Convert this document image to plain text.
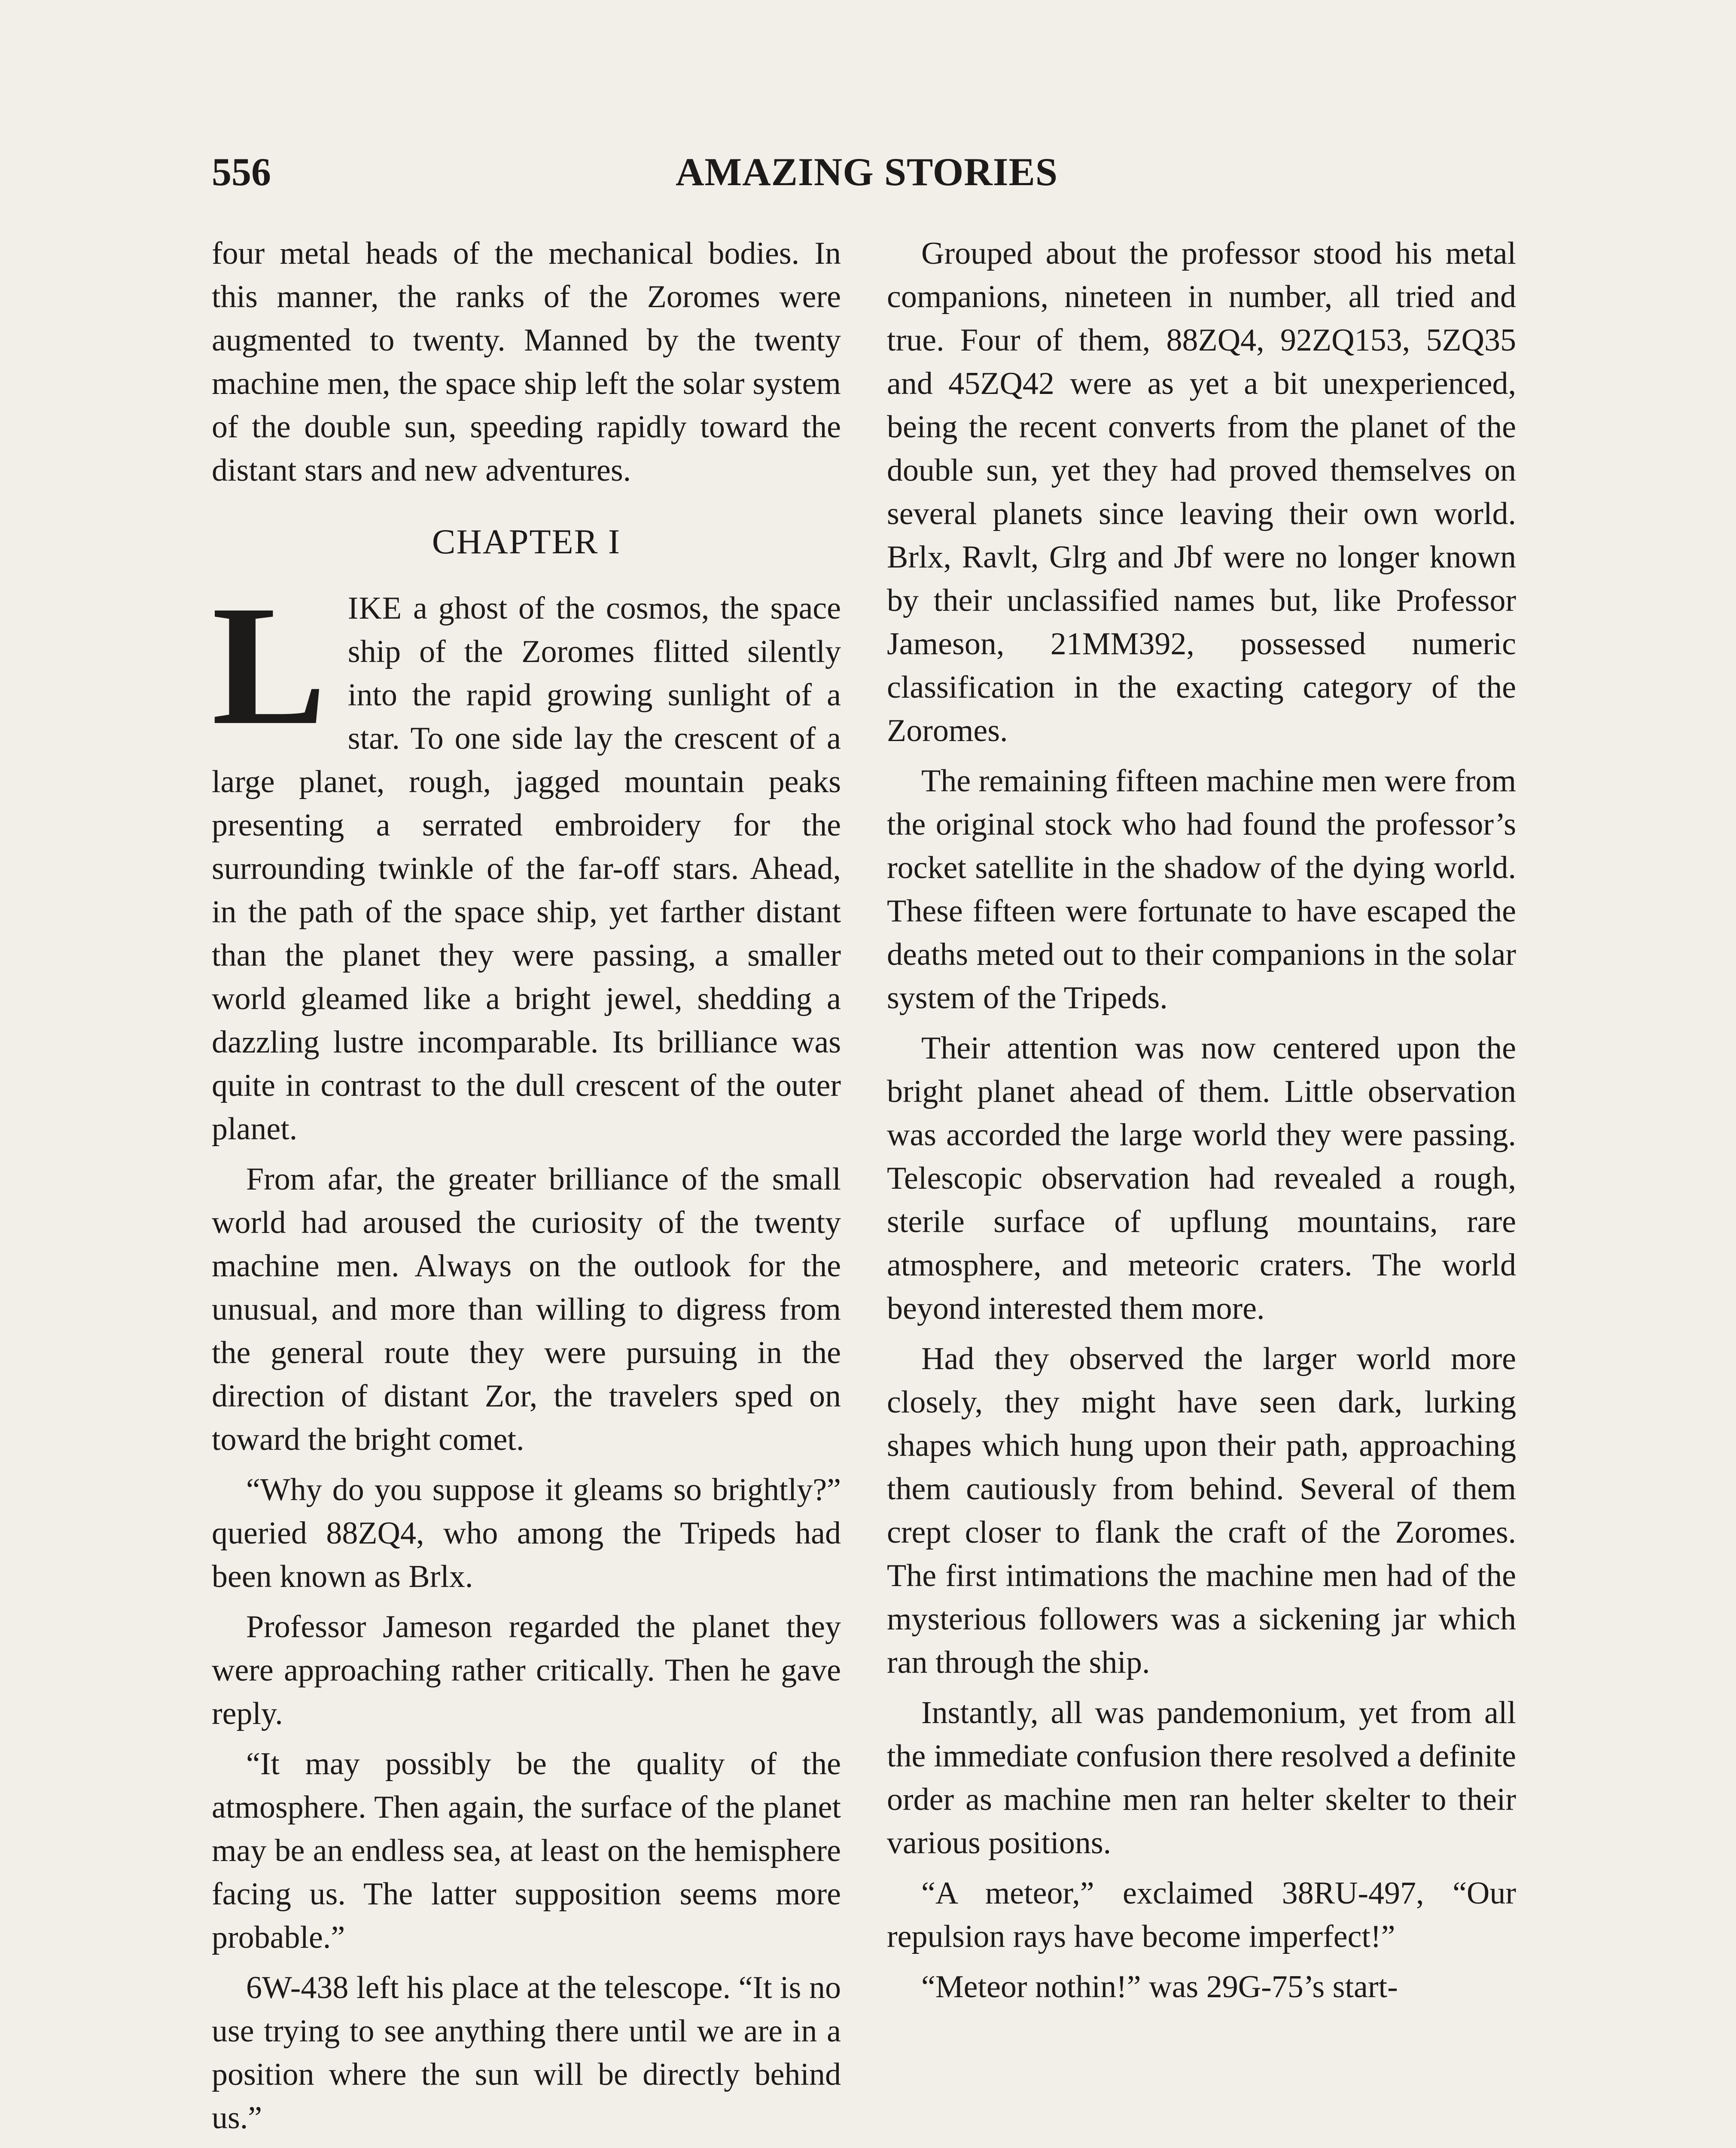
556	AMAZING STORIES

four metal heads of the mechanical bodies. In this manner, the ranks of the Zoromes were augmented to twenty. Manned by the twenty machine men, the space ship left the solar system of the double sun, speeding rapidly toward the distant stars and new adventures.

CHAPTER I

LIKE a ghost of the cosmos, the space ship of the Zoromes flitted silently into the rapid growing sunlight of a star. To one side lay the crescent of a large planet, rough, jagged mountain peaks presenting a serrated embroidery for the surrounding twinkle of the far-off stars. Ahead, in the path of the space ship, yet farther distant than the planet they were passing, a smaller world gleamed like a bright jewel, shedding a dazzling lustre incomparable. Its brilliance was quite in contrast to the dull crescent of the outer planet.

From afar, the greater brilliance of the small world had aroused the curiosity of the twenty machine men. Always on the outlook for the unusual, and more than willing to digress from the general route they were pursuing in the direction of distant Zor, the travelers sped on toward the bright comet.

“Why do you suppose it gleams so brightly?” queried 88ZQ4, who among the Tripeds had been known as Brlx.

Professor Jameson regarded the planet they were approaching rather critically. Then he gave reply.

“It may possibly be the quality of the atmosphere. Then again, the surface of the planet may be an endless sea, at least on the hemisphere facing us. The latter supposition seems more probable.”

6W-438 left his place at the telescope. “It is no use trying to see anything there until we are in a position where the sun will be directly behind us.”

Grouped about the professor stood his metal companions, nineteen in number, all tried and true. Four of them, 88ZQ4, 92ZQ153, 5ZQ35 and 45ZQ42 were as yet a bit unexperienced, being the recent converts from the planet of the double sun, yet they had proved themselves on several planets since leaving their own world. Brlx, Ravlt, Glrg and Jbf were no longer known by their unclassified names but, like Professor Jameson, 21MM392, possessed numeric classification in the exacting category of the Zoromes.

The remaining fifteen machine men were from the original stock who had found the professor’s rocket satellite in the shadow of the dying world. These fifteen were fortunate to have escaped the deaths meted out to their companions in the solar system of the Tripeds.

Their attention was now centered upon the bright planet ahead of them. Little observation was accorded the large world they were passing. Telescopic observation had revealed a rough, sterile surface of upflung mountains, rare atmosphere, and meteoric craters. The world beyond interested them more.

Had they observed the larger world more closely, they might have seen dark, lurking shapes which hung upon their path, approaching them cautiously from behind. Several of them crept closer to flank the craft of the Zoromes. The first intimations the machine men had of the mysterious followers was a sickening jar which ran through the ship.

Instantly, all was pandemonium, yet from all the immediate confusion there resolved a definite order as machine men ran helter skelter to their various positions.

“A meteor,” exclaimed 38RU-497, “Our repulsion rays have become imperfect!”

“Meteor nothin!” was 29G-75’s start-
